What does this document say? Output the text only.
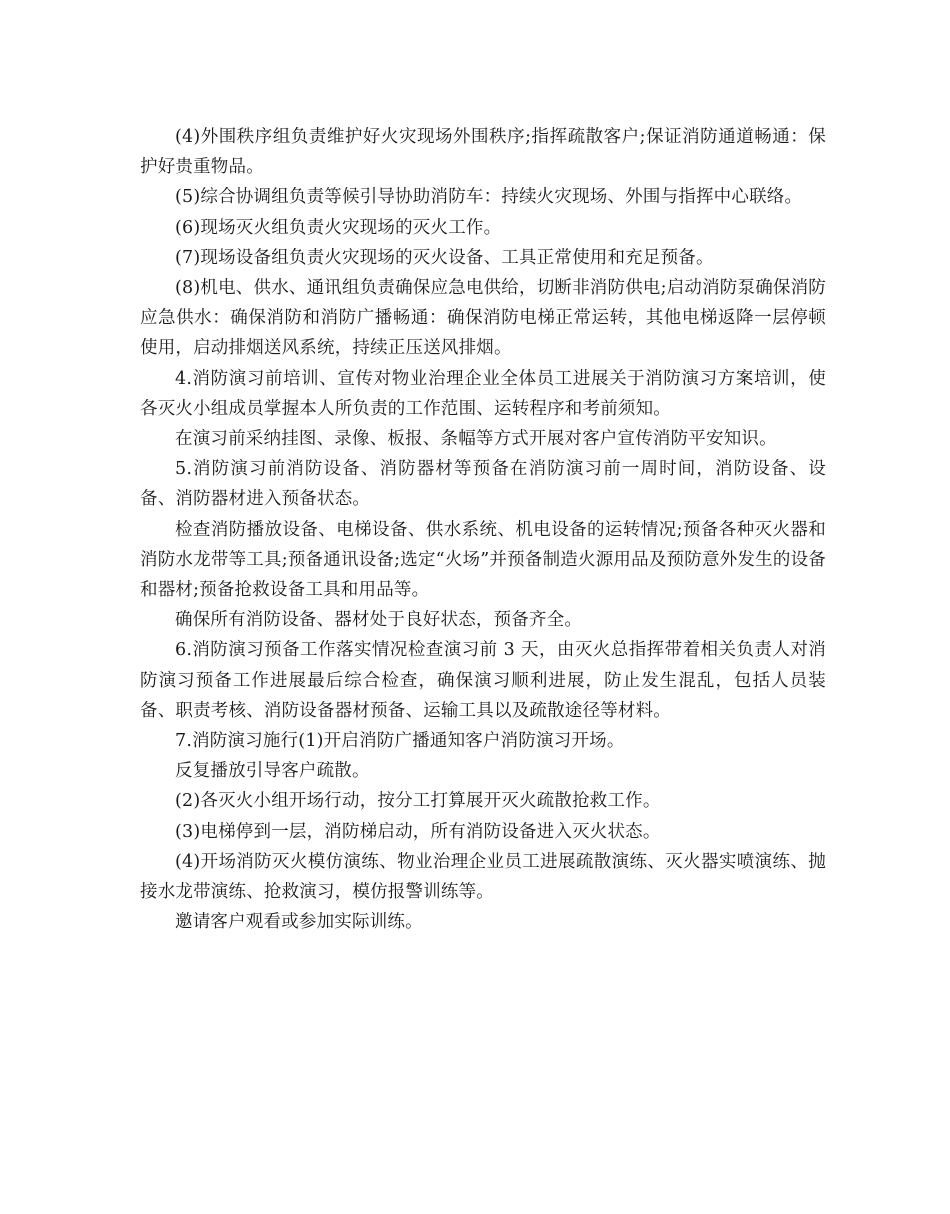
(4)外围秩序组负责维护好火灾现场外围秩序;指挥疏散客户;保证消防通道畅通：保护好贵重物品。

(5)综合协调组负责等候引导协助消防车：持续火灾现场、外围与指挥中心联络。

(6)现场灭火组负责火灾现场的灭火工作。

(7)现场设备组负责火灾现场的灭火设备、工具正常使用和充足预备。

(8)机电、供水、通讯组负责确保应急电供给，切断非消防供电;启动消防泵确保消防应急供水：确保消防和消防广播畅通：确保消防电梯正常运转，其他电梯返降一层停顿使用，启动排烟送风系统，持续正压送风排烟。

4.消防演习前培训、宣传对物业治理企业全体员工进展关于消防演习方案培训，使各灭火小组成员掌握本人所负责的工作范围、运转程序和考前须知。

在演习前采纳挂图、录像、板报、条幅等方式开展对客户宣传消防平安知识。

5.消防演习前消防设备、消防器材等预备在消防演习前一周时间，消防设备、设备、消防器材进入预备状态。

检查消防播放设备、电梯设备、供水系统、机电设备的运转情况;预备各种灭火器和消防水龙带等工具;预备通讯设备;选定“火场”并预备制造火源用品及预防意外发生的设备和器材;预备抢救设备工具和用品等。

确保所有消防设备、器材处于良好状态，预备齐全。

6.消防演习预备工作落实情况检查演习前 3 天，由灭火总指挥带着相关负责人对消防演习预备工作进展最后综合检查，确保演习顺利进展，防止发生混乱，包括人员装备、职责考核、消防设备器材预备、运输工具以及疏散途径等材料。

7.消防演习施行(1)开启消防广播通知客户消防演习开场。

反复播放引导客户疏散。

(2)各灭火小组开场行动，按分工打算展开灭火疏散抢救工作。

(3)电梯停到一层，消防梯启动，所有消防设备进入灭火状态。

(4)开场消防灭火模仿演练、物业治理企业员工进展疏散演练、灭火器实喷演练、抛接水龙带演练、抢救演习，模仿报警训练等。

邀请客户观看或参加实际训练。
